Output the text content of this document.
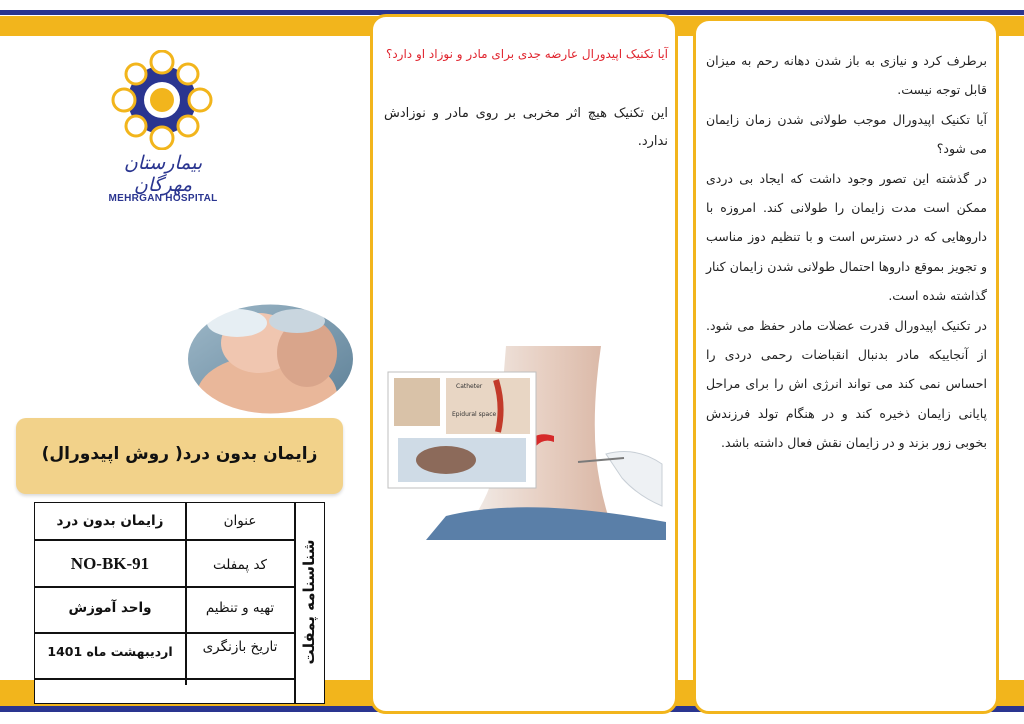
بیمارستان مهرگان
MEHRGAN HOSPITAL
زایمان بدون درد( روش اپیدورال)
زایمان بدون درد	عنوان
NO-BK-91	کد پمفلت
واحد آموزش	تهیه و تنظیم
اردیبهشت ماه 1401	تاریخ بازنگری	شناسنامه پمفلت
آیا تکنیک اپیدورال عارضه جدی برای مادر و نوزاد او دارد؟
این تکنیک هیچ اثر مخربی بر روی مادر و نوزادش ندارد.
Catheter
Epidural space

برطرف کرد و نیازی به باز شدن دهانه رحم به میزان قابل توجه نیست.

آیا تکنیک اپیدورال موجب طولانی شدن زمان زایمان می شود؟

در گذشته این تصور وجود داشت که ایجاد بی دردی ممکن است مدت زایمان را طولانی کند. امروزه با داروهایی که در دسترس است و با تنظیم دوز مناسب و تجویز بموقع داروها احتمال طولانی شدن زایمان کنار گذاشته شده است.

در تکنیک اپیدورال قدرت عضلات مادر حفظ می شود. از آنجاییکه مادر بدنبال انقباضات رحمی دردی را احساس نمی کند می تواند انرژی اش را برای مراحل پایانی زایمان ذخیره کند و در هنگام تولد فرزندش بخوبی زور بزند و در زایمان نقش فعال داشته باشد.
